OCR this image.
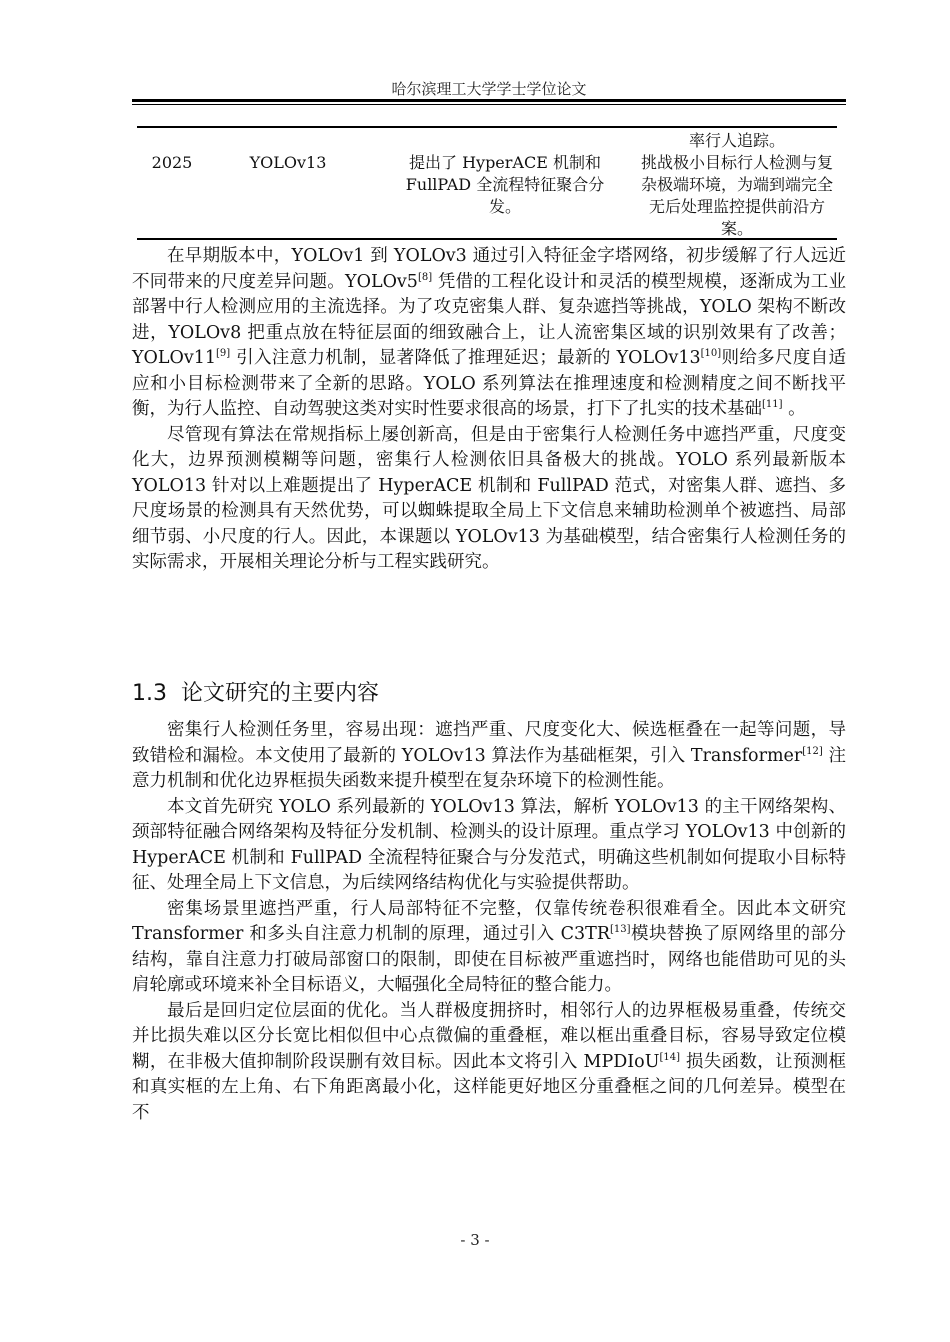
哈尔滨理工大学学士学位论文
2025	YOLOv13	提出了 HyperACE 机制和 FullPAD 全流程特征聚合分发。
率行人追踪。
挑战极小目标行人检测与复杂极端环境，为端到端完全无后处理监控提供前沿方案。

在早期版本中，YOLOv1 到 YOLOv3 通过引入特征金字塔网络，初步缓解了行人远近不同带来的尺度差异问题。YOLOv5[8] 凭借的工程化设计和灵活的模型规模，逐渐成为工业部署中行人检测应用的主流选择。为了攻克密集人群、复杂遮挡等挑战，YOLO 架构不断改进，YOLOv8 把重点放在特征层面的细致融合上，让人流密集区域的识别效果有了改善；YOLOv11[9] 引入注意力机制，显著降低了推理延迟；最新的 YOLOv13[10]则给多尺度自适应和小目标检测带来了全新的思路。YOLO 系列算法在推理速度和检测精度之间不断找平衡，为行人监控、自动驾驶这类对实时性要求很高的场景，打下了扎实的技术基础[11] 。

尽管现有算法在常规指标上屡创新高，但是由于密集行人检测任务中遮挡严重，尺度变化大，边界预测模糊等问题，密集行人检测依旧具备极大的挑战。YOLO 系列最新版本 YOLO13 针对以上难题提出了 HyperACE 机制和 FullPAD 范式，对密集人群、遮挡、多尺度场景的检测具有天然优势，可以蜘蛛提取全局上下文信息来辅助检测单个被遮挡、局部细节弱、小尺度的行人。因此，本课题以 YOLOv13 为基础模型，结合密集行人检测任务的实际需求，开展相关理论分析与工程实践研究。

1.3 论文研究的主要内容

密集行人检测任务里，容易出现：遮挡严重、尺度变化大、候选框叠在一起等问题，导致错检和漏检。本文使用了最新的 YOLOv13 算法作为基础框架，引入 Transformer[12] 注意力机制和优化边界框损失函数来提升模型在复杂环境下的检测性能。

本文首先研究 YOLO 系列最新的 YOLOv13 算法，解析 YOLOv13 的主干网络架构、颈部特征融合网络架构及特征分发机制、检测头的设计原理。重点学习 YOLOv13 中创新的 HyperACE 机制和 FullPAD 全流程特征聚合与分发范式，明确这些机制如何提取小目标特征、处理全局上下文信息，为后续网络结构优化与实验提供帮助。

密集场景里遮挡严重，行人局部特征不完整，仅靠传统卷积很难看全。因此本文研究 Transformer 和多头自注意力机制的原理，通过引入 C3TR[13]模块替换了原网络里的部分结构，靠自注意力打破局部窗口的限制，即使在目标被严重遮挡时，网络也能借助可见的头肩轮廓或环境来补全目标语义，大幅强化全局特征的整合能力。

最后是回归定位层面的优化。当人群极度拥挤时，相邻行人的边界框极易重叠，传统交并比损失难以区分长宽比相似但中心点微偏的重叠框，难以框出重叠目标，容易导致定位模糊，在非极大值抑制阶段误删有效目标。因此本文将引入 MPDIoU[14] 损失函数，让预测框和真实框的左上角、右下角距离最小化，这样能更好地区分重叠框之间的几何差异。模型在不

- 3 -
